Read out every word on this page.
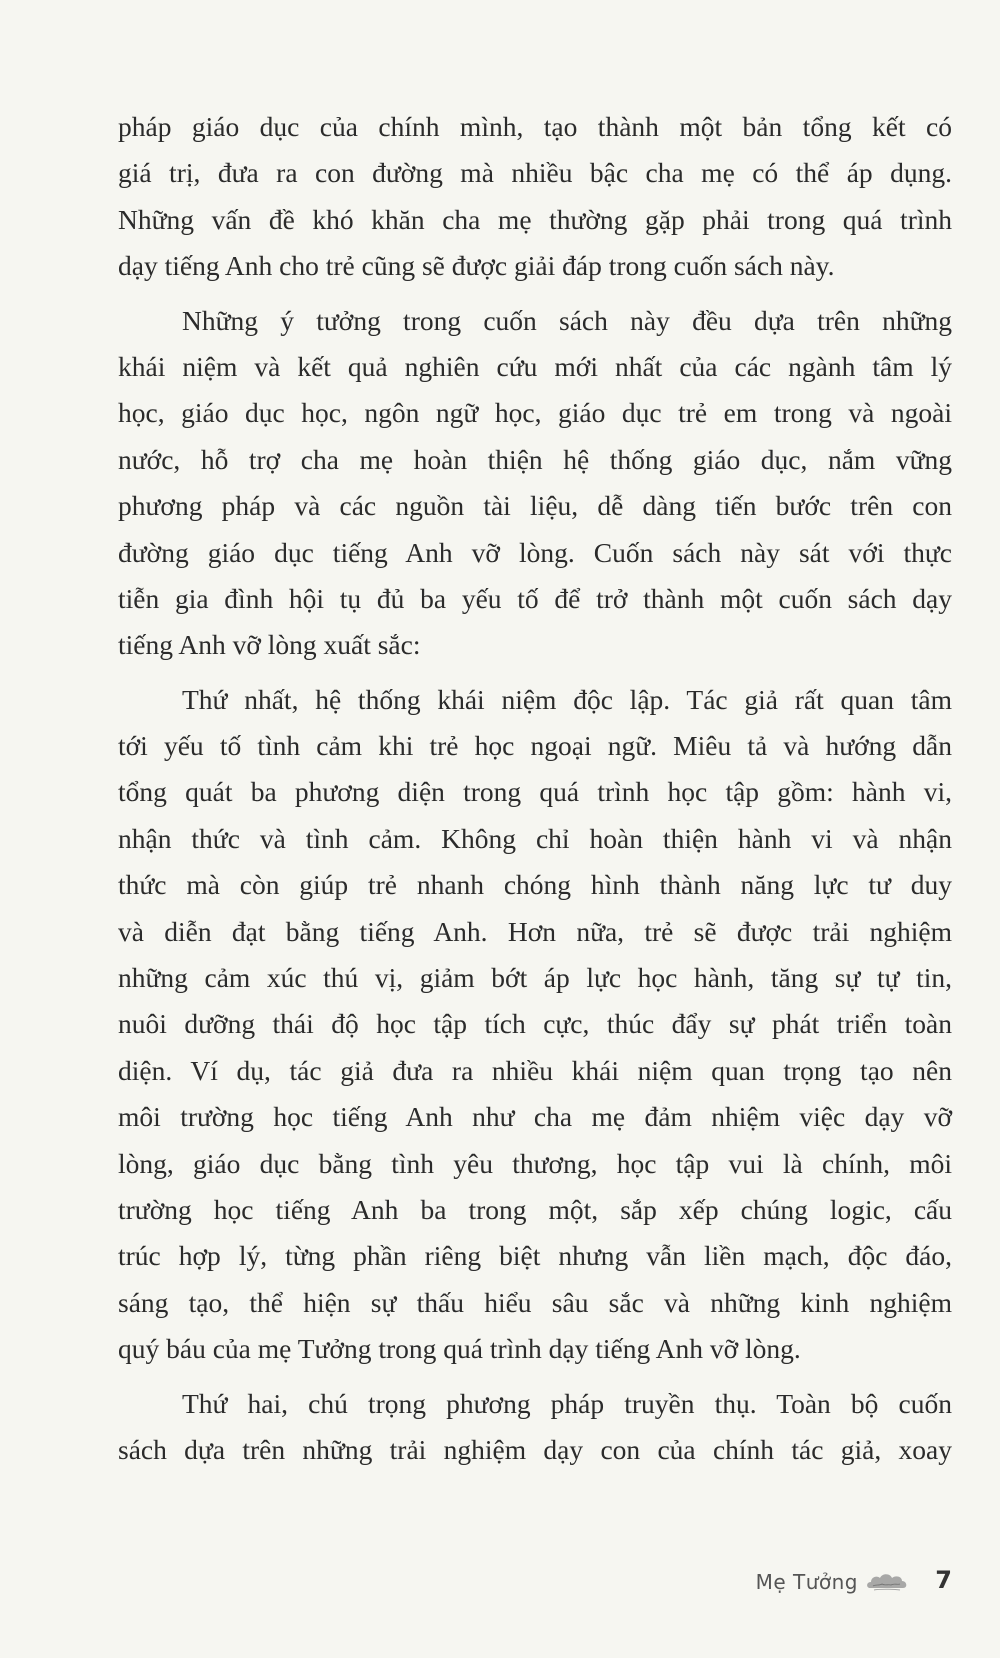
pháp giáo dục của chính mình, tạo thành một bản tổng kết có
giá trị, đưa ra con đường mà nhiều bậc cha mẹ có thể áp dụng.
Những vấn đề khó khăn cha mẹ thường gặp phải trong quá trình
dạy tiếng Anh cho trẻ cũng sẽ được giải đáp trong cuốn sách này.
Những ý tưởng trong cuốn sách này đều dựa trên những
khái niệm và kết quả nghiên cứu mới nhất của các ngành tâm lý
học, giáo dục học, ngôn ngữ học, giáo dục trẻ em trong và ngoài
nước, hỗ trợ cha mẹ hoàn thiện hệ thống giáo dục, nắm vững
phương pháp và các nguồn tài liệu, dễ dàng tiến bước trên con
đường giáo dục tiếng Anh vỡ lòng. Cuốn sách này sát với thực
tiễn gia đình hội tụ đủ ba yếu tố để trở thành một cuốn sách dạy
tiếng Anh vỡ lòng xuất sắc:
Thứ nhất, hệ thống khái niệm độc lập. Tác giả rất quan tâm
tới yếu tố tình cảm khi trẻ học ngoại ngữ. Miêu tả và hướng dẫn
tổng quát ba phương diện trong quá trình học tập gồm: hành vi,
nhận thức và tình cảm. Không chỉ hoàn thiện hành vi và nhận
thức mà còn giúp trẻ nhanh chóng hình thành năng lực tư duy
và diễn đạt bằng tiếng Anh. Hơn nữa, trẻ sẽ được trải nghiệm
những cảm xúc thú vị, giảm bớt áp lực học hành, tăng sự tự tin,
nuôi dưỡng thái độ học tập tích cực, thúc đẩy sự phát triển toàn
diện. Ví dụ, tác giả đưa ra nhiều khái niệm quan trọng tạo nên
môi trường học tiếng Anh như cha mẹ đảm nhiệm việc dạy vỡ
lòng, giáo dục bằng tình yêu thương, học tập vui là chính, môi
trường học tiếng Anh ba trong một, sắp xếp chúng logic, cấu
trúc hợp lý, từng phần riêng biệt nhưng vẫn liền mạch, độc đáo,
sáng tạo, thể hiện sự thấu hiểu sâu sắc và những kinh nghiệm
quý báu của mẹ Tưởng trong quá trình dạy tiếng Anh vỡ lòng.
Thứ hai, chú trọng phương pháp truyền thụ. Toàn bộ cuốn
sách dựa trên những trải nghiệm dạy con của chính tác giả, xoay
Mẹ Tưởng	7
